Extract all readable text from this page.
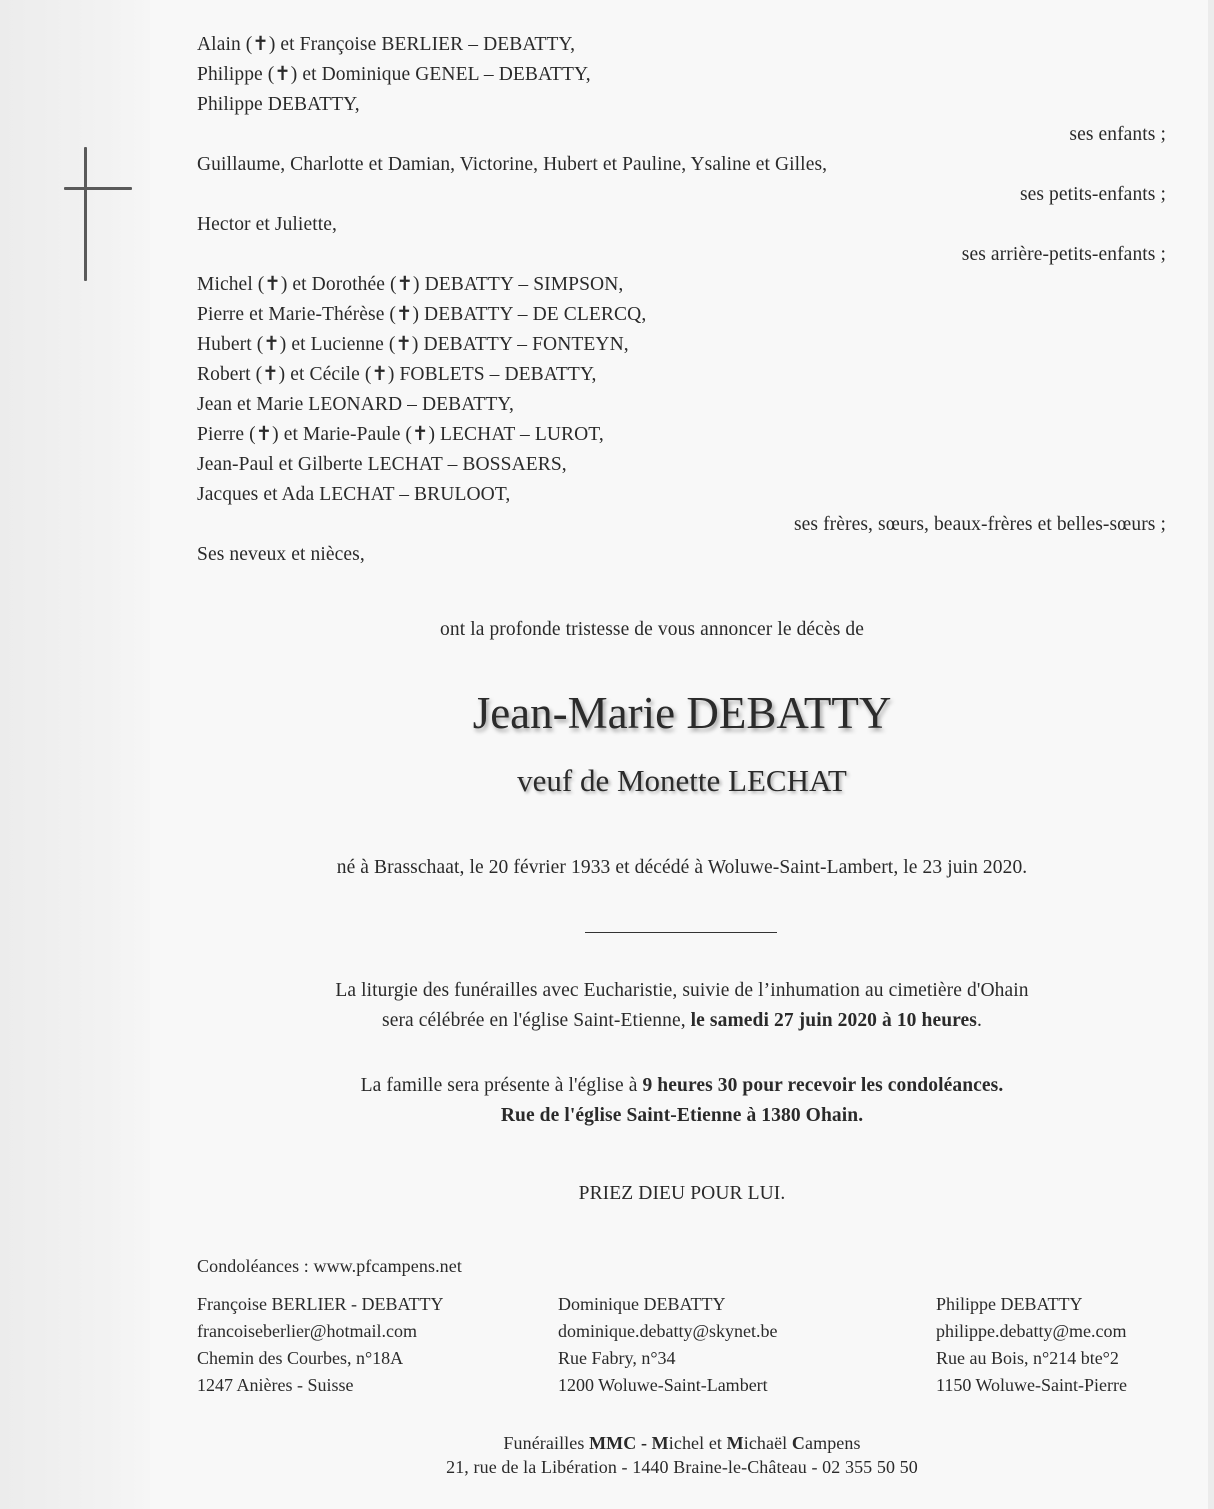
Alain (✝) et Françoise BERLIER – DEBATTY,
Philippe (✝) et Dominique GENEL – DEBATTY,
Philippe DEBATTY,
ses enfants ;
Guillaume, Charlotte et Damian, Victorine, Hubert et Pauline, Ysaline et Gilles,
ses petits-enfants ;
Hector et Juliette,
ses arrière-petits-enfants ;
Michel (✝) et Dorothée (✝) DEBATTY – SIMPSON,
Pierre et Marie-Thérèse (✝) DEBATTY – DE CLERCQ,
Hubert (✝) et Lucienne (✝) DEBATTY – FONTEYN,
Robert (✝) et Cécile (✝) FOBLETS – DEBATTY,
Jean et Marie LEONARD – DEBATTY,
Pierre (✝) et Marie-Paule (✝) LECHAT – LUROT,
Jean-Paul et Gilberte LECHAT – BOSSAERS,
Jacques et Ada LECHAT – BRULOOT,
ses frères, sœurs, beaux-frères et belles-sœurs ;
Ses neveux et nièces,
ont la profonde tristesse de vous annoncer le décès de
Jean-Marie DEBATTY
veuf de Monette LECHAT
né à Brasschaat, le 20 février 1933 et décédé à Woluwe-Saint-Lambert, le 23 juin 2020.
La liturgie des funérailles avec Eucharistie, suivie de l’inhumation au cimetière d'Ohain
sera célébrée en l'église Saint-Etienne, le samedi 27 juin 2020 à 10 heures.
La famille sera présente à l'église à 9 heures 30 pour recevoir les condoléances.
Rue de l'église Saint-Etienne à 1380 Ohain.
PRIEZ DIEU POUR LUI.
Condoléances : www.pfcampens.net
Françoise BERLIER - DEBATTY
francoiseberlier@hotmail.com
Chemin des Courbes, n°18A
1247 Anières - Suisse
Dominique DEBATTY
dominique.debatty@skynet.be
Rue Fabry, n°34
1200 Woluwe-Saint-Lambert
Philippe DEBATTY
philippe.debatty@me.com
Rue au Bois, n°214 bte°2
1150 Woluwe-Saint-Pierre
Funérailles MMC - Michel et Michaël Campens
21, rue de la Libération - 1440 Braine-le-Château - 02 355 50 50
